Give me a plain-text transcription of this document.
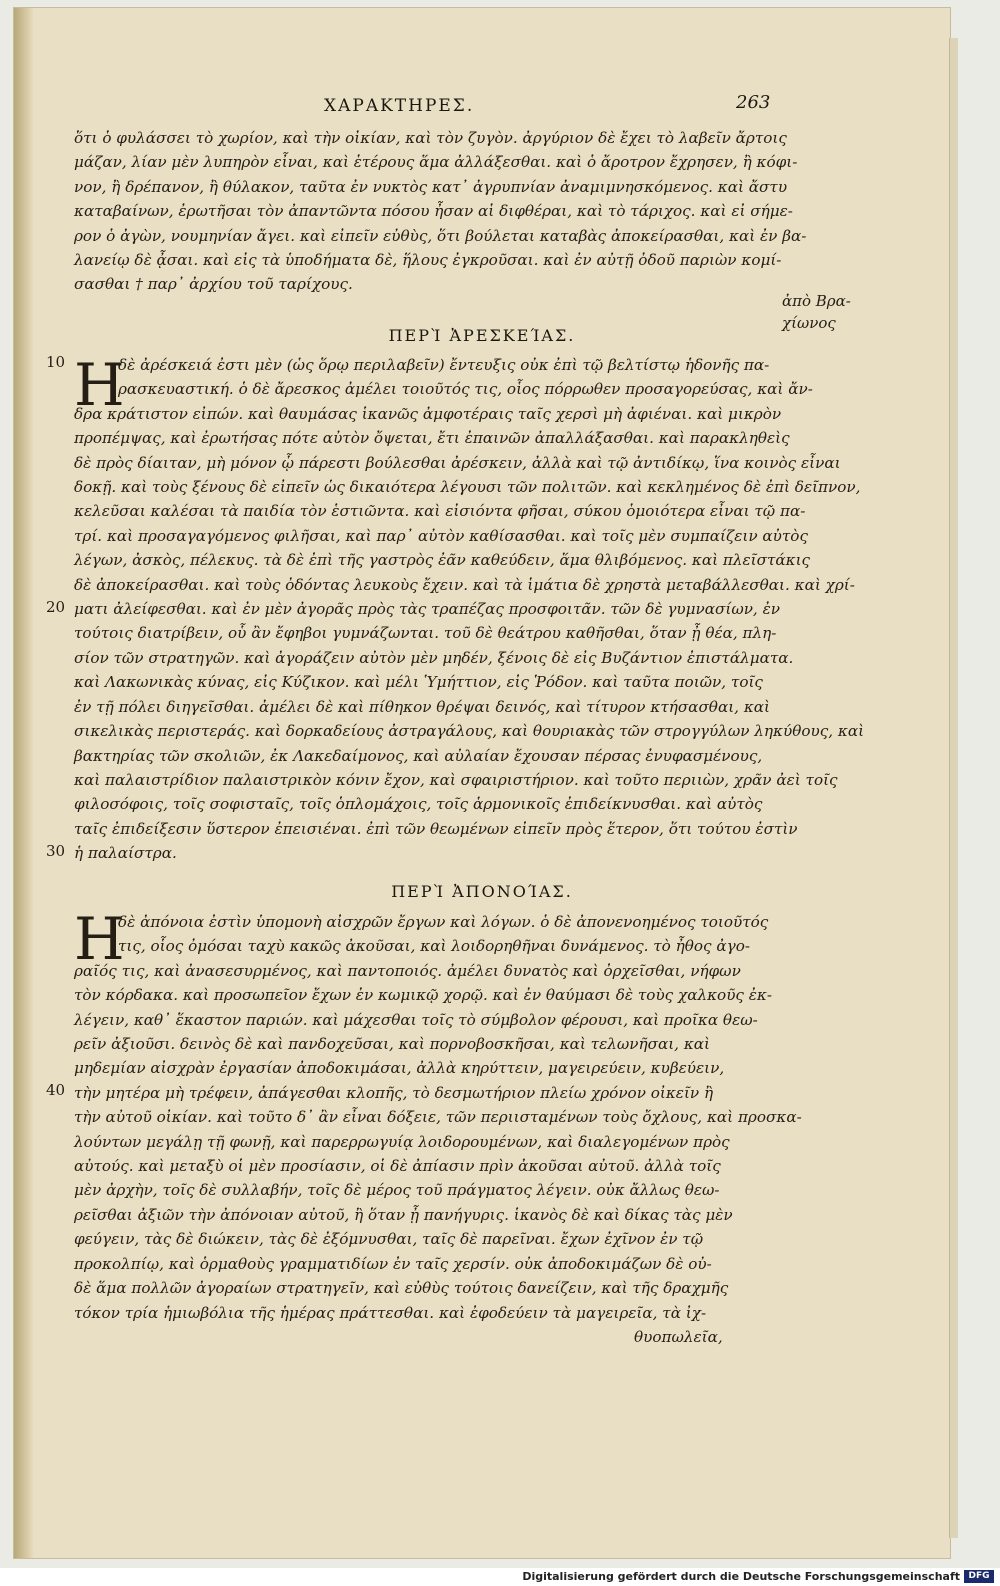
ΧΑΡΑΚΤΗΡΕΣ.	263
ὅτι ὁ φυλάσσει τὸ χωρίον, καὶ τὴν οἰκίαν, καὶ τὸν ζυγὸν. ἀργύριον δὲ ἔχει τὸ λαβεῖν ἄρτοις
μάζαν, λίαν μὲν λυπηρὸν εἶναι, καὶ ἑτέρους ἅμα ἀλλάξεσθαι. καὶ ὁ ἄροτρον ἔχρησεν, ἢ κόφι-
νον, ἢ δρέπανον, ἢ θύλακον, ταῦτα ἐν νυκτὸς κατ᾽ ἀγρυπνίαν ἀναμιμνησκόμενος. καὶ ἄστυ
καταβαίνων, ἐρωτῆσαι τὸν ἀπαντῶντα πόσου ἦσαν αἱ διφθέραι, καὶ τὸ τάριχος. καὶ εἰ σήμε-
ρον ὁ ἀγὼν, νουμηνίαν ἄγει. καὶ εἰπεῖν εὐθὺς, ὅτι βούλεται καταβὰς ἀποκείρασθαι, καὶ ἐν βα-
λανείῳ δὲ ᾆσαι. καὶ εἰς τὰ ὑποδήματα δὲ, ἥλους ἐγκροῦσαι. καὶ ἐν αὐτῇ ὁδοῦ παριὼν κομί-
σασθαι † παρ᾽ ἀρχίου τοῦ ταρίχους.
ἀπὸ Βρα-
χίωνος
ΠΕΡῚ ἈΡΕΣΚΕΊΑΣ.
Η
10
20
30
δὲ ἀρέσκειά ἐστι μὲν (ὡς ὅρῳ περιλαβεῖν) ἔντευξις οὐκ ἐπὶ τῷ βελτίστῳ ἡδονῆς πα-
ρασκευαστική. ὁ δὲ ἄρεσκος ἀμέλει τοιοῦτός τις, οἷος πόρρωθεν προσαγορεύσας, καὶ ἄν-
δρα κράτιστον εἰπών. καὶ θαυμάσας ἱκανῶς ἀμφοτέραις ταῖς χερσὶ μὴ ἀφιέναι. καὶ μικρὸν
προπέμψας, καὶ ἐρωτήσας πότε αὐτὸν ὄψεται, ἔτι ἐπαινῶν ἀπαλλάξασθαι. καὶ παρακληθεὶς
δὲ πρὸς δίαιταν, μὴ μόνον ᾧ πάρεστι βούλεσθαι ἀρέσκειν, ἀλλὰ καὶ τῷ ἀντιδίκῳ, ἵνα κοινὸς εἶναι
δοκῇ. καὶ τοὺς ξένους δὲ εἰπεῖν ὡς δικαιότερα λέγουσι τῶν πολιτῶν. καὶ κεκλημένος δὲ ἐπὶ δεῖπνον,
κελεῦσαι καλέσαι τὰ παιδία τὸν ἑστιῶντα. καὶ εἰσιόντα φῆσαι, σύκου ὁμοιότερα εἶναι τῷ πα-
τρί. καὶ προσαγαγόμενος φιλῆσαι, καὶ παρ᾽ αὐτὸν καθίσασθαι. καὶ τοῖς μὲν συμπαίζειν αὐτὸς
λέγων, ἀσκὸς, πέλεκυς. τὰ δὲ ἐπὶ τῆς γαστρὸς ἐᾶν καθεύδειν, ἅμα θλιβόμενος. καὶ πλεῖστάκις
δὲ ἀποκείρασθαι. καὶ τοὺς ὀδόντας λευκοὺς ἔχειν. καὶ τὰ ἱμάτια δὲ χρηστὰ μεταβάλλεσθαι. καὶ χρί-
ματι ἀλείφεσθαι. καὶ ἐν μὲν ἀγορᾶς πρὸς τὰς τραπέζας προσφοιτᾶν. τῶν δὲ γυμνασίων, ἐν
τούτοις διατρίβειν, οὗ ἂν ἔφηβοι γυμνάζωνται. τοῦ δὲ θεάτρου καθῆσθαι, ὅταν ᾖ θέα, πλη-
σίον τῶν στρατηγῶν. καὶ ἀγοράζειν αὐτὸν μὲν μηδέν, ξένοις δὲ εἰς Βυζάντιον ἐπιστάλματα.
καὶ Λακωνικὰς κύνας, εἰς Κύζικον. καὶ μέλι Ὑμήττιον, εἰς Ῥόδον. καὶ ταῦτα ποιῶν, τοῖς
ἐν τῇ πόλει διηγεῖσθαι. ἀμέλει δὲ καὶ πίθηκον θρέψαι δεινός, καὶ τίτυρον κτήσασθαι, καὶ
σικελικὰς περιστεράς. καὶ δορκαδείους ἀστραγάλους, καὶ θουριακὰς τῶν στρογγύλων ληκύθους, καὶ
βακτηρίας τῶν σκολιῶν, ἐκ Λακεδαίμονος, καὶ αὐλαίαν ἔχουσαν πέρσας ἐνυφασμένους,
καὶ παλαιστρίδιον παλαιστρικὸν κόνιν ἔχον, καὶ σφαιριστήριον. καὶ τοῦτο περιιὼν, χρᾶν ἀεὶ τοῖς
φιλοσόφοις, τοῖς σοφισταῖς, τοῖς ὁπλομάχοις, τοῖς ἁρμονικοῖς ἐπιδείκνυσθαι. καὶ αὐτὸς
ταῖς ἐπιδείξεσιν ὕστερον ἐπεισιέναι. ἐπὶ τῶν θεωμένων εἰπεῖν πρὸς ἕτερον, ὅτι τούτου ἐστὶν
ἡ παλαίστρα.
ΠΕΡῚ ἈΠΟΝΟΊΑΣ.
Η
40
δὲ ἀπόνοια ἐστὶν ὑπομονὴ αἰσχρῶν ἔργων καὶ λόγων. ὁ δὲ ἀπονενοημένος τοιοῦτός
τις, οἷος ὀμόσαι ταχὺ κακῶς ἀκοῦσαι, καὶ λοιδορηθῆναι δυνάμενος. τὸ ἦθος ἀγο-
ραῖός τις, καὶ ἀνασεσυρμένος, καὶ παντοποιός. ἀμέλει δυνατὸς καὶ ὀρχεῖσθαι, νήφων
τὸν κόρδακα. καὶ προσωπεῖον ἔχων ἐν κωμικῷ χορῷ. καὶ ἐν θαύμασι δὲ τοὺς χαλκοῦς ἐκ-
λέγειν, καθ᾽ ἕκαστον παριών. καὶ μάχεσθαι τοῖς τὸ σύμβολον φέρουσι, καὶ προῖκα θεω-
ρεῖν ἀξιοῦσι. δεινὸς δὲ καὶ πανδοχεῦσαι, καὶ πορνοβοσκῆσαι, καὶ τελωνῆσαι, καὶ
μηδεμίαν αἰσχρὰν ἐργασίαν ἀποδοκιμάσαι, ἀλλὰ κηρύττειν, μαγειρεύειν, κυβεύειν,
τὴν μητέρα μὴ τρέφειν, ἀπάγεσθαι κλοπῆς, τὸ δεσμωτήριον πλείω χρόνον οἰκεῖν ἢ
τὴν αὐτοῦ οἰκίαν. καὶ τοῦτο δ᾽ ἂν εἶναι δόξειε, τῶν περιισταμένων τοὺς ὄχλους, καὶ προσκα-
λούντων μεγάλῃ τῇ φωνῇ, καὶ παρερρωγυίᾳ λοιδορουμένων, καὶ διαλεγομένων πρὸς
αὐτούς. καὶ μεταξὺ οἱ μὲν προσίασιν, οἱ δὲ ἀπίασιν πρὶν ἀκοῦσαι αὐτοῦ. ἀλλὰ τοῖς
μὲν ἀρχὴν, τοῖς δὲ συλλαβήν, τοῖς δὲ μέρος τοῦ πράγματος λέγειν. οὐκ ἄλλως θεω-
ρεῖσθαι ἀξιῶν τὴν ἀπόνοιαν αὐτοῦ, ἢ ὅταν ᾖ πανήγυρις. ἱκανὸς δὲ καὶ δίκας τὰς μὲν
φεύγειν, τὰς δὲ διώκειν, τὰς δὲ ἐξόμνυσθαι, ταῖς δὲ παρεῖναι. ἔχων ἐχῖνον ἐν τῷ
προκολπίῳ, καὶ ὁρμαθοὺς γραμματιδίων ἐν ταῖς χερσίν. οὐκ ἀποδοκιμάζων δὲ οὐ-
δὲ ἅμα πολλῶν ἀγοραίων στρατηγεῖν, καὶ εὐθὺς τούτοις δανείζειν, καὶ τῆς δραχμῆς
τόκον τρία ἡμιωβόλια τῆς ἡμέρας πράττεσθαι. καὶ ἐφοδεύειν τὰ μαγειρεῖα, τὰ ἰχ-
θυοπωλεῖα,
Digitalisierung gefördert durch die Deutsche Forschungsgemeinschaft DFG
